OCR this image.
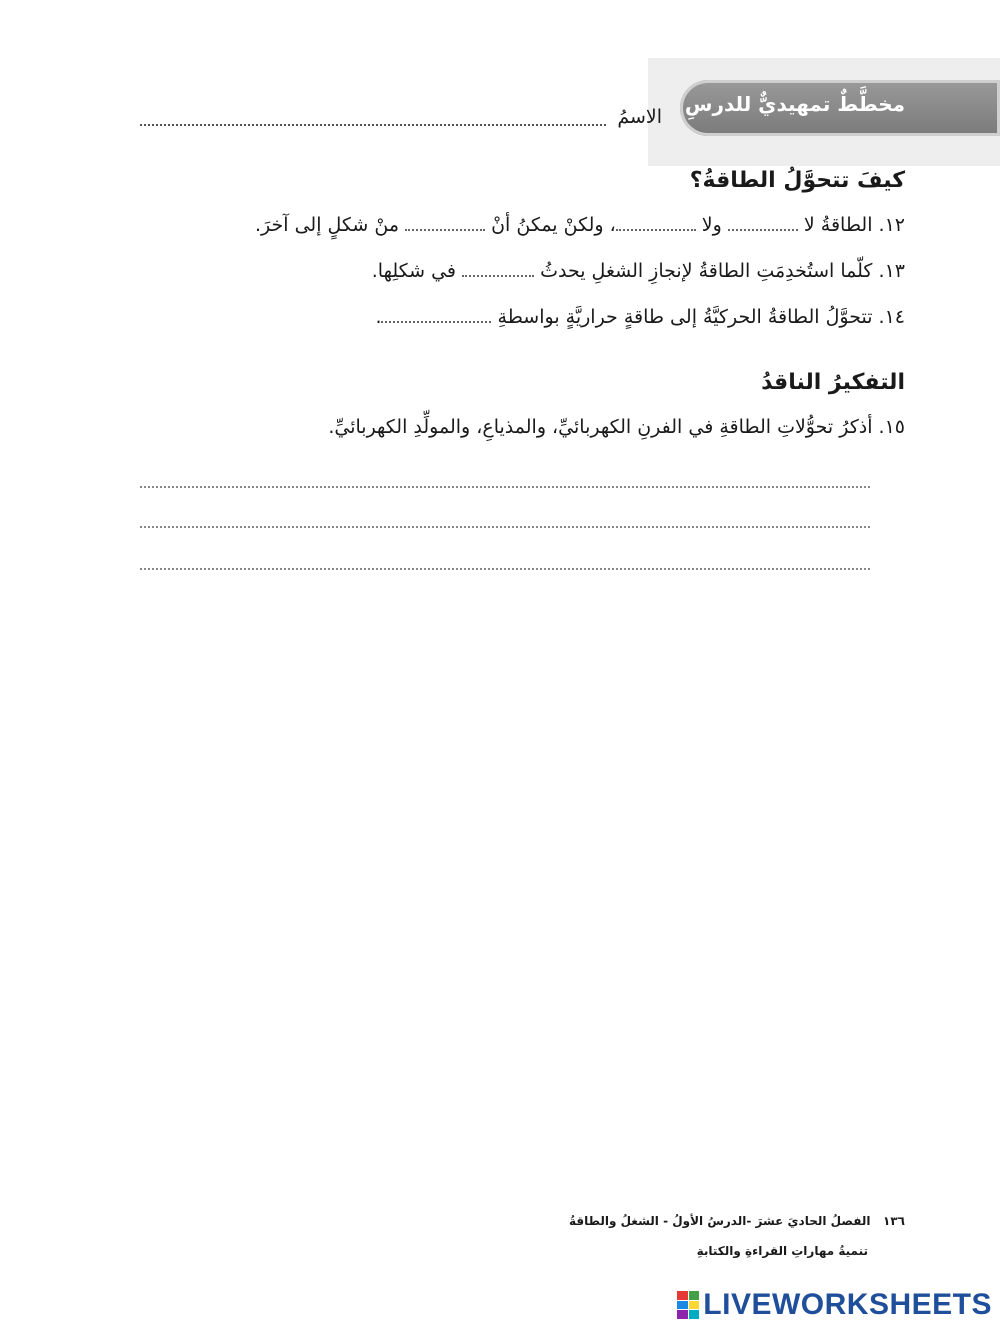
مخطَّطٌ تمهيديٌّ للدرسِ
الاسمُ
كيفَ تتحوَّلُ الطاقةُ؟
١٢. الطاقةُ لا  ولا ، ولكنْ يمكنُ أنْ  منْ شكلٍ إلى آخرَ.
١٣. كلّما استُخدِمَتِ الطاقةُ لإنجازِ الشغلِ يحدثُ  في شكلِها.
١٤. تتحوَّلُ الطاقةُ الحركيَّةُ إلى طاقةٍ حراريَّةٍ بواسطةِ .
التفكيرُ الناقدُ
١٥. أذكرُ تحوُّلاتِ الطاقةِ في الفرنِ الكهربائيِّ، والمذياعِ، والمولِّدِ الكهربائيِّ.
١٣٦   الفصلُ الحاديَ عشرَ -الدرسُ الأولُ - الشغلُ والطاقةُ
تنميةُ مهاراتِ القراءةِ والكتابةِ
LIVEWORKSHEETS
